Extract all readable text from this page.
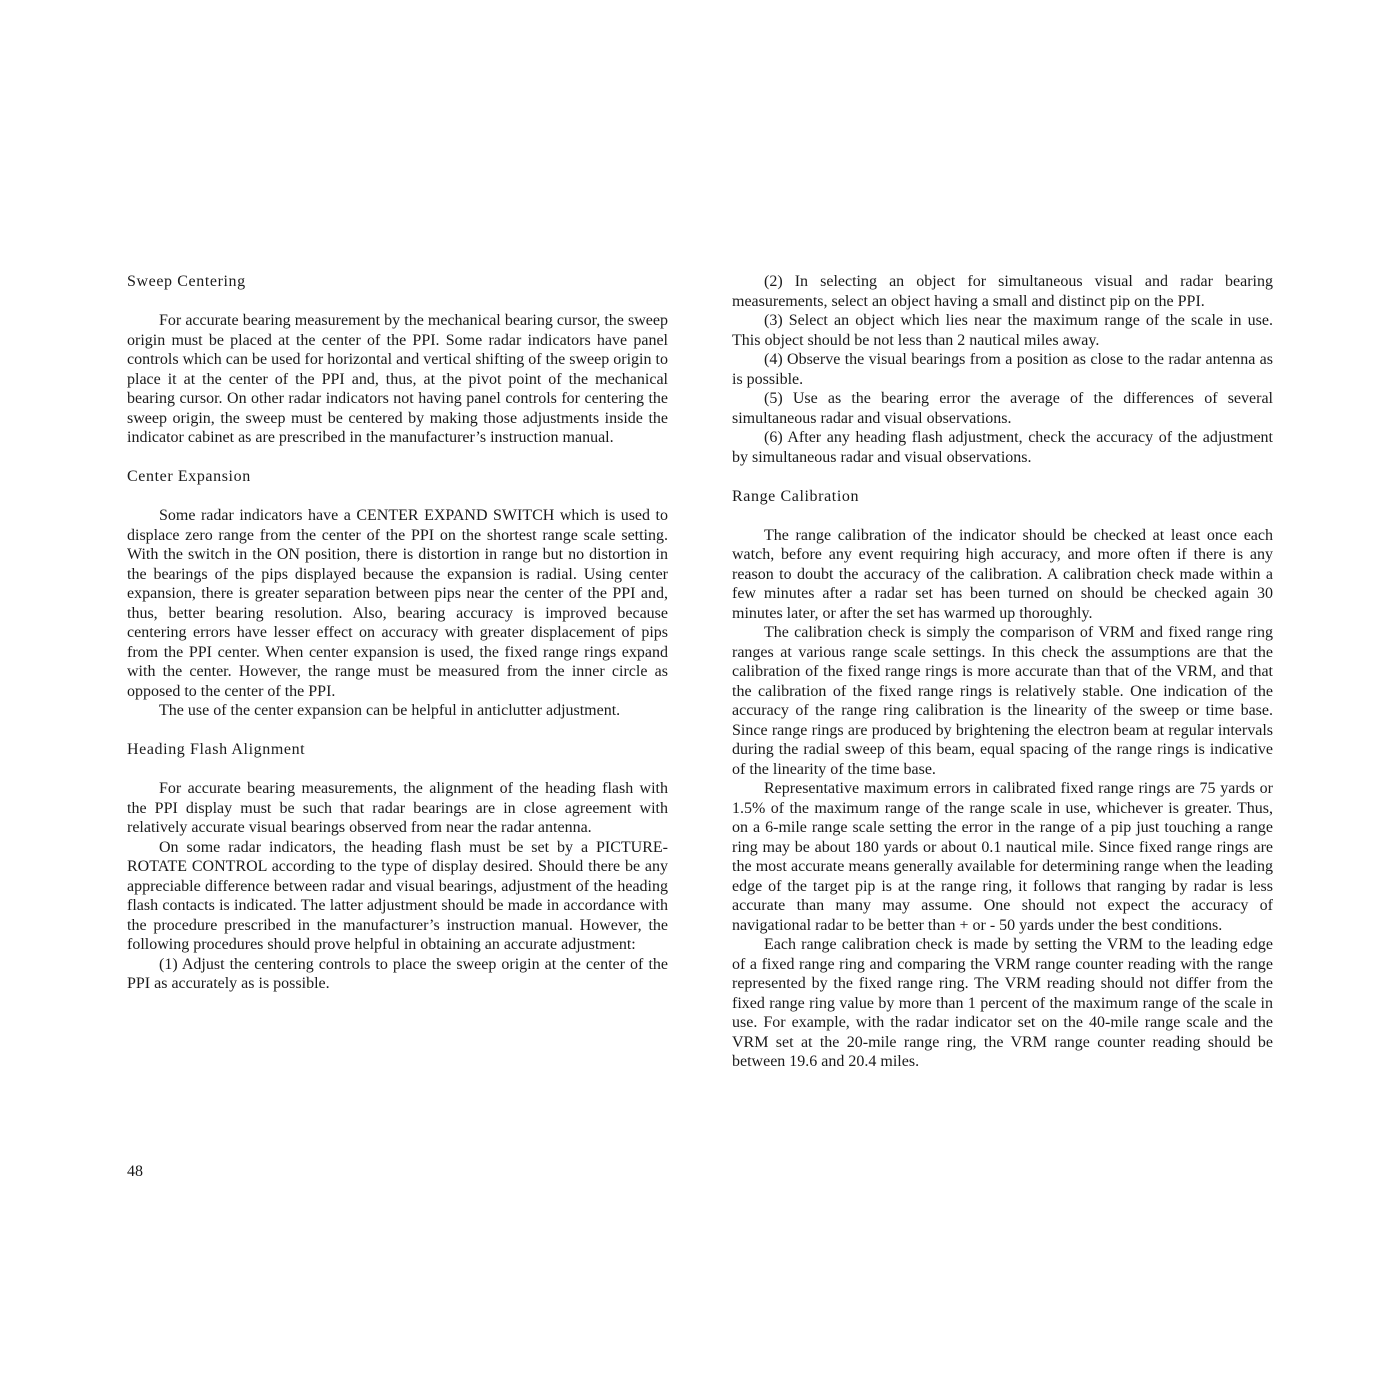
Sweep Centering

For accurate bearing measurement by the mechanical bearing cursor, the sweep origin must be placed at the center of the PPI. Some radar indicators have panel controls which can be used for horizontal and vertical shifting of the sweep origin to place it at the center of the PPI and, thus, at the pivot point of the mechanical bearing cursor. On other radar indicators not having panel controls for centering the sweep origin, the sweep must be centered by making those adjustments inside the indicator cabinet as are prescribed in the manufacturer’s instruction manual.

Center Expansion

Some radar indicators have a CENTER EXPAND SWITCH which is used to displace zero range from the center of the PPI on the shortest range scale setting. With the switch in the ON position, there is distortion in range but no distortion in the bearings of the pips displayed because the expansion is radial. Using center expansion, there is greater separation between pips near the center of the PPI and, thus, better bearing resolution. Also, bearing accuracy is improved because centering errors have lesser effect on accuracy with greater displacement of pips from the PPI center. When center expansion is used, the fixed range rings expand with the center. However, the range must be measured from the inner circle as opposed to the center of the PPI.

The use of the center expansion can be helpful in anticlutter adjustment.

Heading Flash Alignment

For accurate bearing measurements, the alignment of the heading flash with the PPI display must be such that radar bearings are in close agreement with relatively accurate visual bearings observed from near the radar antenna.

On some radar indicators, the heading flash must be set by a PICTURE-ROTATE CONTROL according to the type of display desired. Should there be any appreciable difference between radar and visual bearings, adjustment of the heading flash contacts is indicated. The latter adjustment should be made in accordance with the procedure prescribed in the manufacturer’s instruction manual. However, the following procedures should prove helpful in obtaining an accurate adjustment:

(1) Adjust the centering controls to place the sweep origin at the center of the PPI as accurately as is possible.

(2) In selecting an object for simultaneous visual and radar bearing measurements, select an object having a small and distinct pip on the PPI.

(3) Select an object which lies near the maximum range of the scale in use. This object should be not less than 2 nautical miles away.

(4) Observe the visual bearings from a position as close to the radar antenna as is possible.

(5) Use as the bearing error the average of the differences of several simultaneous radar and visual observations.

(6) After any heading flash adjustment, check the accuracy of the adjustment by simultaneous radar and visual observations.

Range Calibration

The range calibration of the indicator should be checked at least once each watch, before any event requiring high accuracy, and more often if there is any reason to doubt the accuracy of the calibration. A calibration check made within a few minutes after a radar set has been turned on should be checked again 30 minutes later, or after the set has warmed up thoroughly.

The calibration check is simply the comparison of VRM and fixed range ring ranges at various range scale settings. In this check the assumptions are that the calibration of the fixed range rings is more accurate than that of the VRM, and that the calibration of the fixed range rings is relatively stable. One indication of the accuracy of the range ring calibration is the linearity of the sweep or time base. Since range rings are produced by brightening the electron beam at regular intervals during the radial sweep of this beam, equal spacing of the range rings is indicative of the linearity of the time base.

Representative maximum errors in calibrated fixed range rings are 75 yards or 1.5% of the maximum range of the range scale in use, whichever is greater. Thus, on a 6-mile range scale setting the error in the range of a pip just touching a range ring may be about 180 yards or about 0.1 nautical mile. Since fixed range rings are the most accurate means generally available for determining range when the leading edge of the target pip is at the range ring, it follows that ranging by radar is less accurate than many may assume. One should not expect the accuracy of navigational radar to be better than + or - 50 yards under the best conditions.

Each range calibration check is made by setting the VRM to the leading edge of a fixed range ring and comparing the VRM range counter reading with the range represented by the fixed range ring. The VRM reading should not differ from the fixed range ring value by more than 1 percent of the maximum range of the scale in use. For example, with the radar indicator set on the 40-mile range scale and the VRM set at the 20-mile range ring, the VRM range counter reading should be between 19.6 and 20.4 miles.

48
